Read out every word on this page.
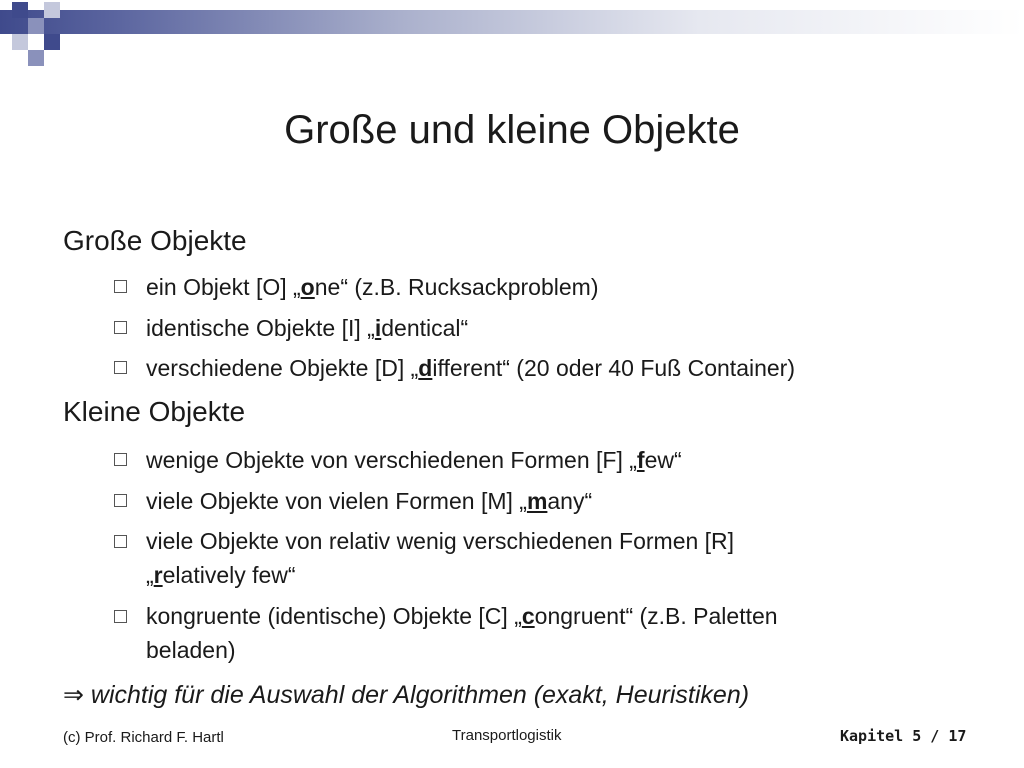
Große und kleine Objekte
Große Objekte
ein Objekt [O] „one“ (z.B. Rucksackproblem)
identische Objekte [I] „identical“
verschiedene Objekte [D] „different“ (20 oder 40 Fuß Container)
Kleine Objekte
wenige Objekte von verschiedenen Formen [F] „few“
viele Objekte von vielen Formen [M] „many“
viele Objekte von relativ wenig verschiedenen Formen [R]
„relatively few“
kongruente (identische) Objekte [C] „congruent“ (z.B. Paletten
beladen)
⇒ wichtig für die Auswahl der Algorithmen (exakt, Heuristiken)
(c) Prof. Richard F. Hartl	Transportlogistik	Kapitel 5 / 17
